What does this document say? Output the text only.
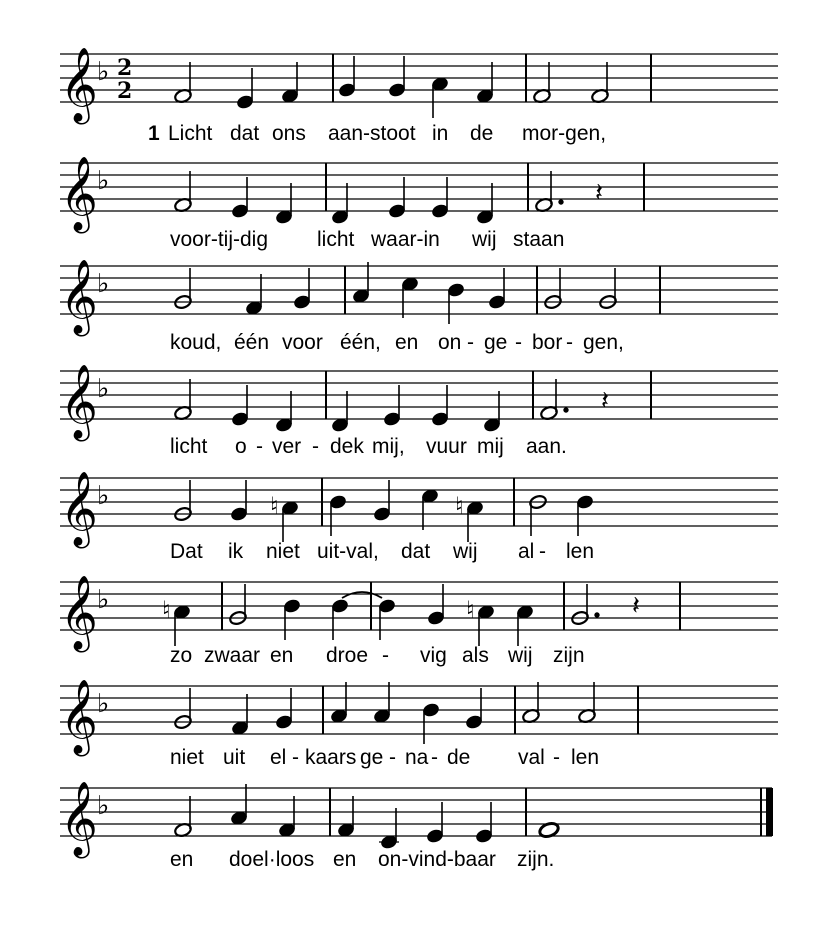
𝄞 ♭ 2
2
1 Licht dat ons aan-stoot in de mor-gen,
𝄞 ♭	𝄽
voor-tij-dig licht waar-in wij staan
𝄞 ♭
koud, één voor één, en on - ge - bor - gen,
𝄞 ♭	𝄽
licht o - ver - dek mij, vuur mij aan.
𝄞 ♭	♮	♮
Dat ik niet uit-val, dat wij al - len
𝄞 ♭ ♮	♮	𝄽
zo zwaar en droe - vig als wij zijn
𝄞 ♭
niet uit el - kaars ge - na - de val - len
𝄞 ♭
en doel·loos en on-vind-baar zijn.
